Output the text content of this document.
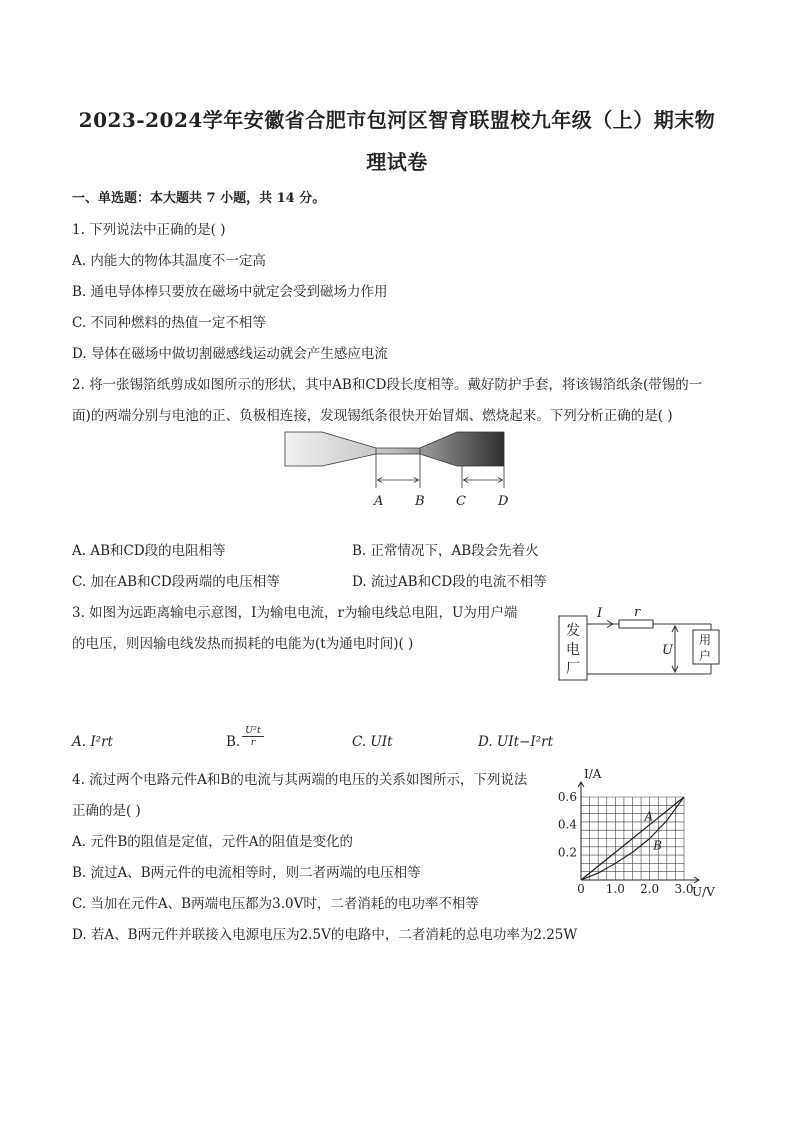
2023-2024学年安徽省合肥市包河区智育联盟校九年级（上）期末物
理试卷
一、单选题：本大题共 7 小题，共 14 分。
1. 下列说法中正确的是( )
A. 内能大的物体其温度不一定高
B. 通电导体棒只要放在磁场中就定会受到磁场力作用
C. 不同种燃料的热值一定不相等
D. 导体在磁场中做切割磁感线运动就会产生感应电流
2. 将一张锡箔纸剪成如图所示的形状，其中AB和CD段长度相等。戴好防护手套，将该锡箔纸条(带锡的一
面)的两端分别与电池的正、负极相连接，发现锡纸条很快开始冒烟、燃烧起来。下列分析正确的是( )
A B C D
A. AB和CD段的电阻相等	B. 正常情况下，AB段会先着火
C. 加在AB和CD段两端的电压相等	D. 流过AB和CD段的电流不相等
3. 如图为远距离输电示意图，I为输电电流，r为输电线总电阻，U为用户端
的电压，则因输电线发热而损耗的电能为(t为通电时间)( )
发
电
厂
I r
用
户
U
A. I²rt	B. $\frac{\text{U²t}}{r}$	C. UIt	D. UIt−I²rt
4. 流过两个电路元件A和B的电流与其两端的电压的关系如图所示，下列说法
正确的是( )
A. 元件B的阻值是定值，元件A的阻值是变化的
B. 流过A、B两元件的电流相等时，则二者两端的电压相等
C. 当加在元件A、B两端电压都为3.0V时，二者消耗的电功率不相等
D. 若A、B两元件并联接入电源电压为2.5V的电路中，二者消耗的总电功率为2.25W
0 1.0 2.0 3.0
0.2
0.4
0.6
I/A
U/V
A
B
